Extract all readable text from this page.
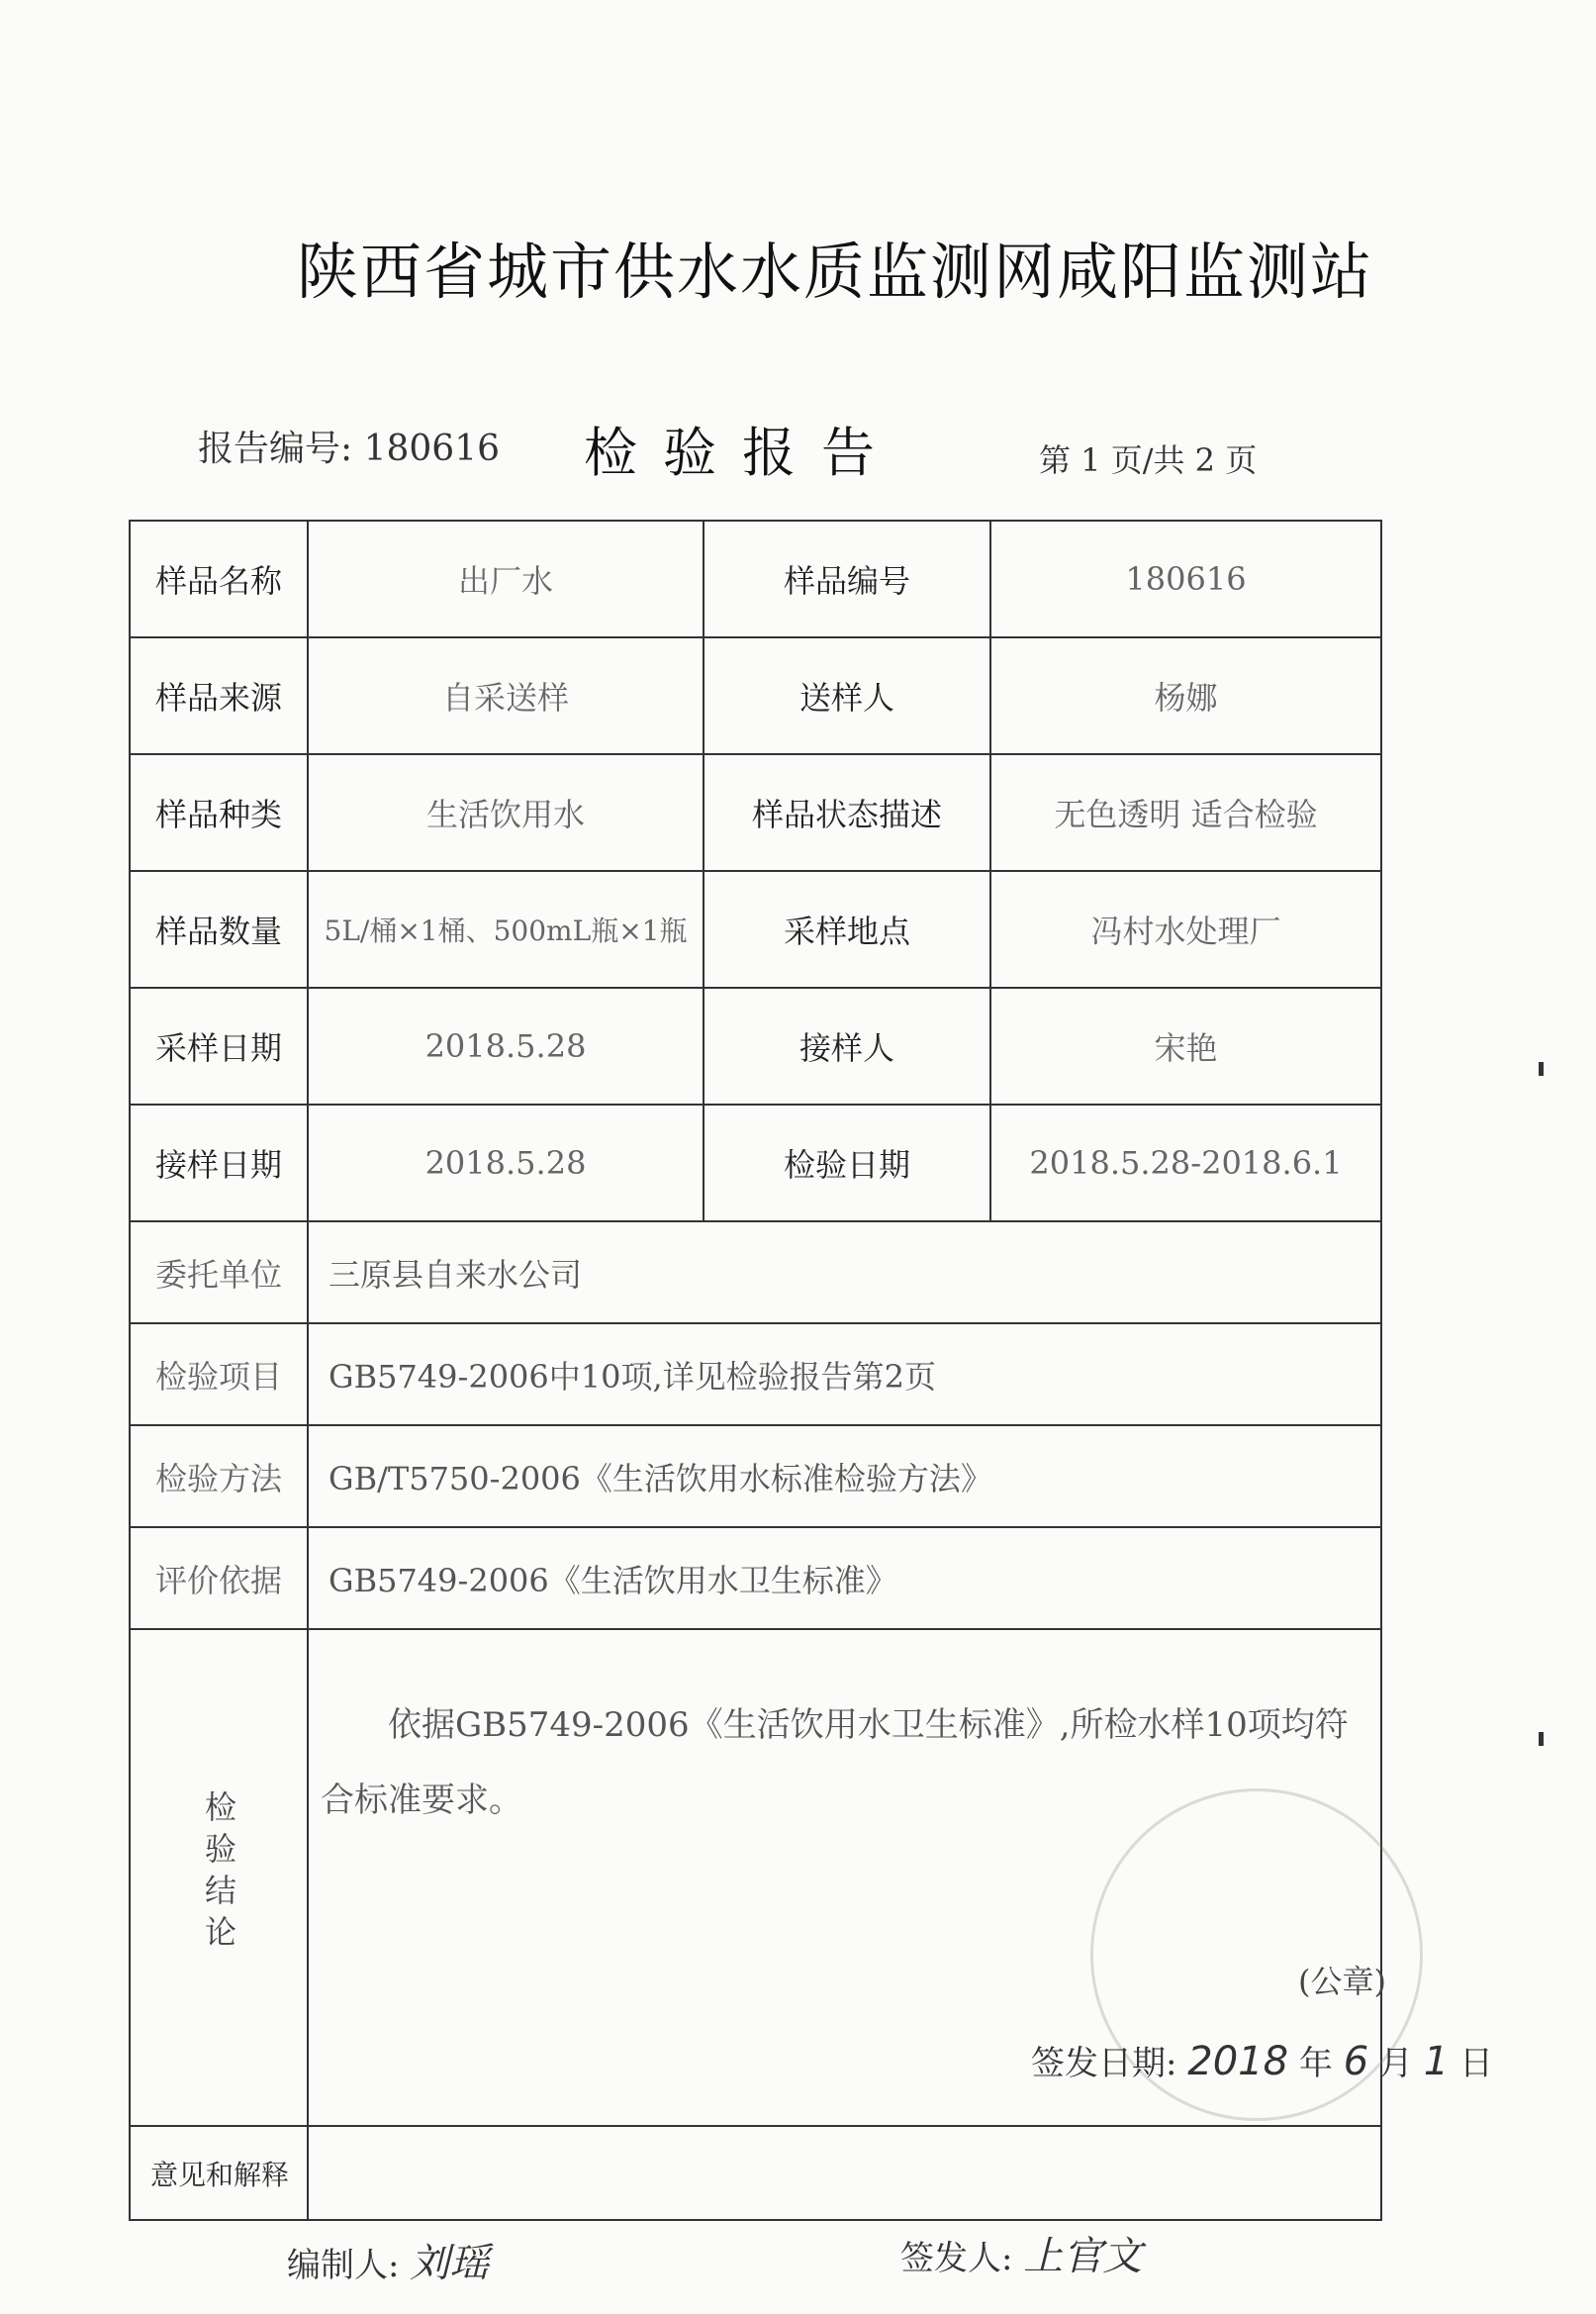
陕西省城市供水水质监测网咸阳监测站
报告编号: 180616 检验报告	第 1 页/共 2 页
样品名称	出厂水	样品编号	180616
样品来源	自采送样	送样人	杨娜
样品种类	生活饮用水	样品状态描述	无色透明 适合检验
样品数量	5L/桶×1桶、500mL瓶×1瓶	采样地点	冯村水处理厂
采样日期	2018.5.28	接样人	宋艳
接样日期	2018.5.28	检验日期	2018.5.28-2018.6.1
委托单位	三原县自来水公司		
检验项目	GB5749-2006中10项,详见检验报告第2页		
检验方法	GB/T5750-2006《生活饮用水标准检验方法》		
评价依据	GB5749-2006《生活饮用水卫生标准》		
检验结论	依据GB5749-2006《生活饮用水卫生标准》,所检水样10项均符合标准要求。
(公章)
签发日期: 2018 年 6 月 1 日		

意见和解释			
编制人: 刘瑶	签发人: 上官文
